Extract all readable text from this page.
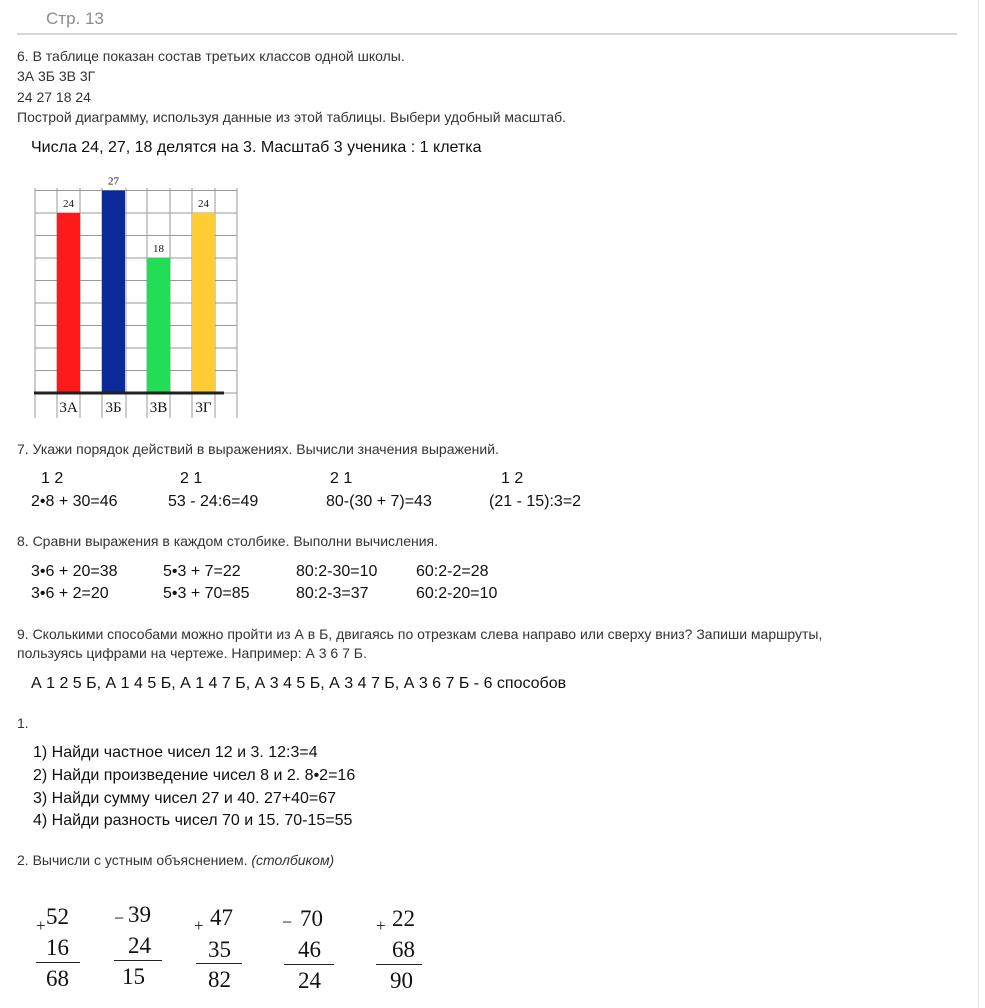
Стр. 13
6. В таблице показан состав третьих классов одной школы.
3А 3Б 3В 3Г
24 27 18 24
Построй диаграмму, используя данные из этой таблицы. Выбери удобный масштаб.
Числа 24, 27, 18 делятся на 3. Масштаб 3 ученика : 1 клетка
24
3А
27
3Б
18
3В
24
3Г
7. Укажи порядок действий в выражениях. Вычисли значения выражений.
1 2
2•8 + 30=46
2 1
53 - 24:6=49
2 1
80-(30 + 7)=43
1 2
(21 - 15):3=2
8. Сравни выражения в каждом столбике. Выполни вычисления.
3•6 + 20=38
3•6 + 2=20
5•3 + 7=22
5•3 + 70=85
80:2-30=10
80:2-3=37
60:2-2=28
60:2-20=10
9. Сколькими способами можно пройти из А в Б, двигаясь по отрезкам слева направо или сверху вниз? Запиши маршруты,
пользуясь цифрами на чертеже. Например: А 3 6 7 Б.
А 1 2 5 Б, А 1 4 5 Б, А 1 4 7 Б, А 3 4 5 Б, А 3 4 7 Б, А 3 6 7 Б - 6 способов
1.
1) Найди частное чисел 12 и 3. 12:3=4
2) Найди произведение чисел 8 и 2. 8•2=16
3) Найди сумму чисел 27 и 40. 27+40=67
4) Найди разность чисел 70 и 15. 70-15=55
2. Вычисли с устным объяснением. (столбиком)
+ 52
16
68
− 39
24
15
+ 47
35
82
− 70
46
24
+ 22
68
90
